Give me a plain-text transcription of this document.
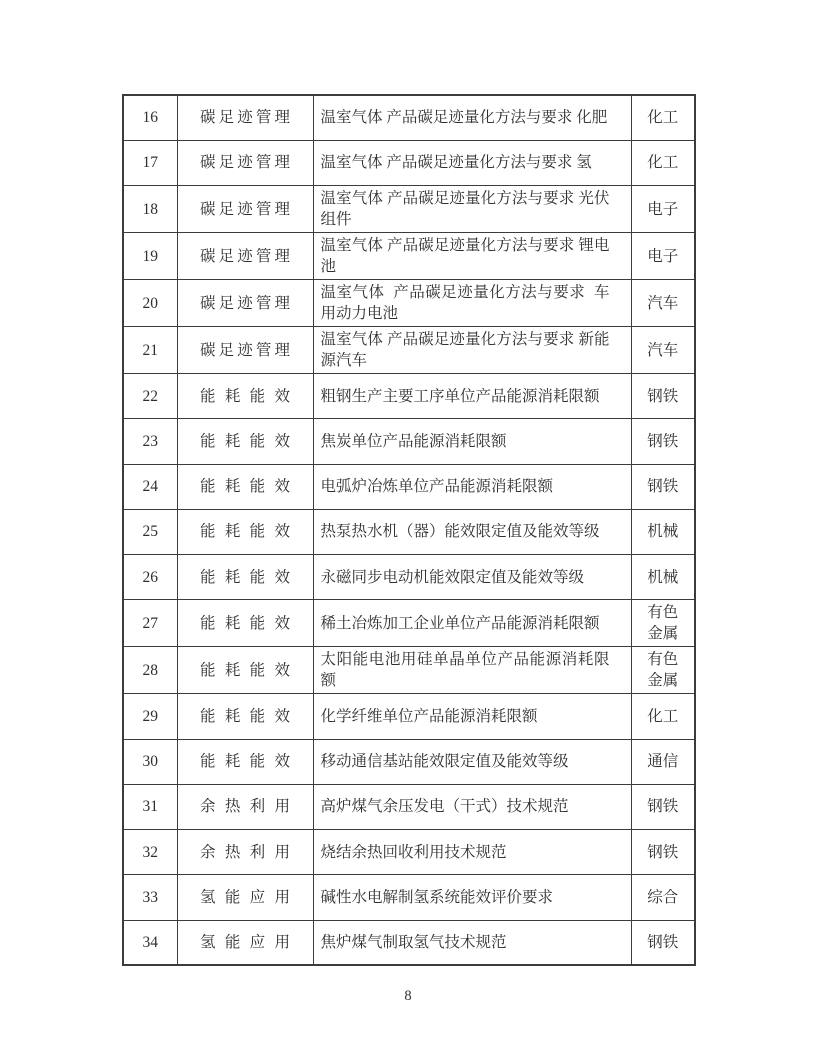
16	碳足迹管理	温室气体 产品碳足迹量化方法与要求 化肥	化工
17	碳足迹管理	温室气体 产品碳足迹量化方法与要求 氢	化工
18	碳足迹管理	温室气体 产品碳足迹量化方法与要求 光伏组件	电子
19	碳足迹管理	温室气体 产品碳足迹量化方法与要求 锂电池	电子
20	碳足迹管理	温室气体  产品碳足迹量化方法与要求  车用动力电池	汽车
21	碳足迹管理	温室气体 产品碳足迹量化方法与要求 新能源汽车	汽车
22	能耗能效	粗钢生产主要工序单位产品能源消耗限额	钢铁
23	能耗能效	焦炭单位产品能源消耗限额	钢铁
24	能耗能效	电弧炉冶炼单位产品能源消耗限额	钢铁
25	能耗能效	热泵热水机（器）能效限定值及能效等级	机械
26	能耗能效	永磁同步电动机能效限定值及能效等级	机械
27	能耗能效	稀土冶炼加工企业单位产品能源消耗限额	有色金属
28	能耗能效	太阳能电池用硅单晶单位产品能源消耗限额	有色金属
29	能耗能效	化学纤维单位产品能源消耗限额	化工
30	能耗能效	移动通信基站能效限定值及能效等级	通信
31	余热利用	高炉煤气余压发电（干式）技术规范	钢铁
32	余热利用	烧结余热回收利用技术规范	钢铁
33	氢能应用	碱性水电解制氢系统能效评价要求	综合
34	氢能应用	焦炉煤气制取氢气技术规范	钢铁
8
